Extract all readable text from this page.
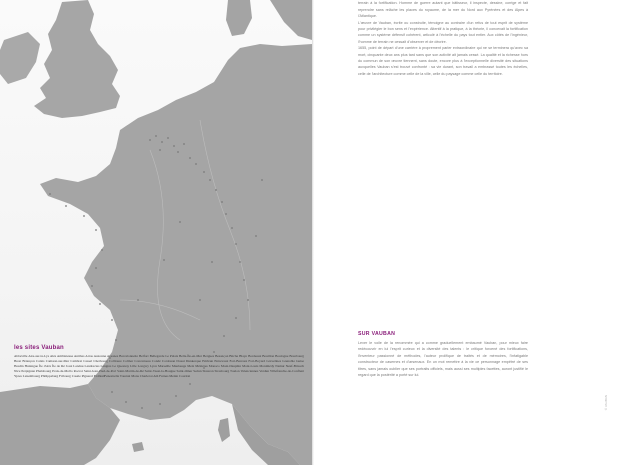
les sites Vauban
Abbeville Aire-sur-la-Lys Alès Ambleteuse Antibes Arras Auxonne Avesnes Barcelonnette Belfort Bellegarde Le Palais Belle-Île-en-Mer Bergues Besançon Bitche Blaye Bordeaux Bouillon Boulogne Bourbourg Brest Briançon Calais Camaret-sur-Mer Cambrai Cassel Cherbourg Collioure Colmar Concarneau Condé Cordouan Douai Dunkerque Embrun Entrevaux Fort-Barraux Fort-Boyard Gravelines Grenoble Guise Hesdin Huningue Île d'Aix Île de Ré Joux Landau Landrecies Langres Le Quesnoy Lille Longwy Lyon Marseille Maubeuge Metz Mézières Monaco Mont-Dauphin Mont-Louis Montmédy Namur Neuf-Brisach Nice Perpignan Phalsbourg Prats-de-Mollo Rocroi Saint-Jean-Pied-de-Port Saint-Martin-de-Ré Saint-Vaast-la-Hougue Saint-Omer Sedan Sisteron Strasbourg Toulon Valenciennes Verdun Villefranche-de-Conflent Ypres Luxembourg Philippsburg Fribourg Casale Pignerol Exilles Fenestrelle Tournai Mons Charleroi Ath Furnes Menin Courtrai

terrain à la fortification. Homme de guerre autant que bâtisseur, il inspecte, dessine, corrige et fait reprendre sans relâche les places du royaume, de la mer du Nord aux Pyrénées et des Alpes à l'Atlantique.

L'œuvre de Vauban, écrite ou construite, témoigne au contraire d'un refus de tout esprit de système pour privilégier le bon sens et l'expérience. Attentif à la pratique, à la théorie, il concevait la fortification comme un système défensif cohérent, articulé à l'échelle du pays tout entier. Aux côtés de l'ingénieur, l'homme de terrain ne cessait d'observer et de décrire.

1655, point de départ d'une carrière à proprement parler extraordinaire qui ne se terminera qu'avec sa mort, cinquante deux ans plus tard sans que son activité ait jamais cessé. La qualité et la richesse hors du commun de son œuvre tiennent, sans doute, encore plus à l'exceptionnelle diversité des situations auxquelles Vauban s'est trouvé confronté : sa vie durant, son travail a embrassé toutes les échelles, celle de l'architecture comme celle de la ville, celle du paysage comme celle du territoire.

SUR VAUBAN
Lever le voile de la renommée qui a comme graduellement embaumé Vauban, pour mieux faire redécouvrir en lui l'esprit curieux et la diversité des talents : le critique forcené des fortifications, l'inventeur passionné de méthodes, l'auteur prolifique de traités et de mémoires, l'infatigable constructeur de casernes et d'arsenaux. En un mot remettre à la vie ce personnage empêtré de ses titres, sans jamais oublier que ses portraits officiels, mais aussi ses multiples facettes, auront justifié le regard que la postérité a porté sur lui.
© VAUBAN
